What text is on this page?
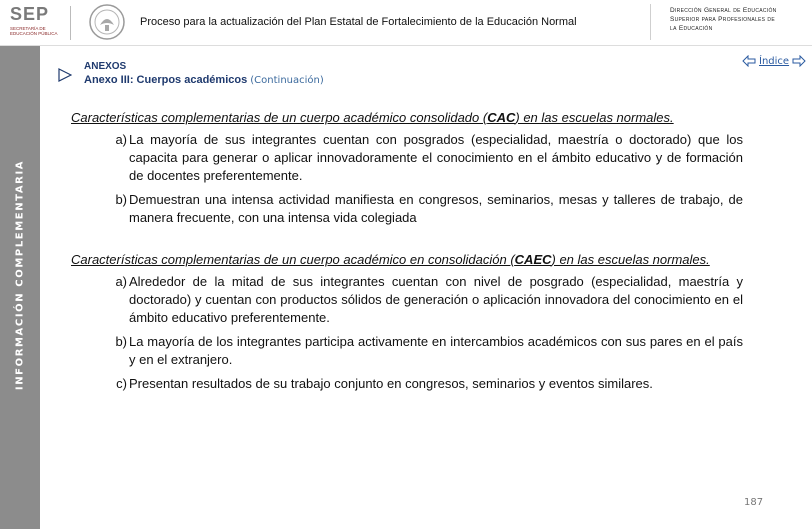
SEP
SECRETARÍA DE EDUCACIÓN PÚBLICA
Proceso para la actualización del Plan Estatal de Fortalecimiento de la Educación Normal
Dirección General de Educación
Superior para Profesionales de
la Educación
INFORMACIÓN COMPLEMENTARIA
ANEXOS
Anexo III: Cuerpos académicos (Continuación)
Índice

Características complementarias de un cuerpo académico consolidado (CAC) en las escuelas normales.

a) La mayoría de sus integrantes cuentan con posgrados (especialidad, maestría o doctorado) que los capacita para generar o aplicar innovadoramente el conocimiento en el ámbito educativo y de formación de docentes preferentemente.
b) Demuestran una intensa actividad manifiesta en congresos, seminarios, mesas y talleres de trabajo, de manera frecuente, con una intensa vida colegiada

Características complementarias de un cuerpo académico en consolidación (CAEC) en las escuelas normales.

a) Alrededor de la mitad de sus integrantes cuentan con nivel de posgrado (especialidad, maestría y doctorado) y cuentan con productos sólidos de generación o aplicación innovadora del conocimiento en el ámbito educativo preferentemente.
b) La mayoría de los integrantes participa activamente en intercambios académicos con sus pares en el país y en el extranjero.
c) Presentan resultados de su trabajo conjunto en congresos, seminarios y eventos similares.
187
